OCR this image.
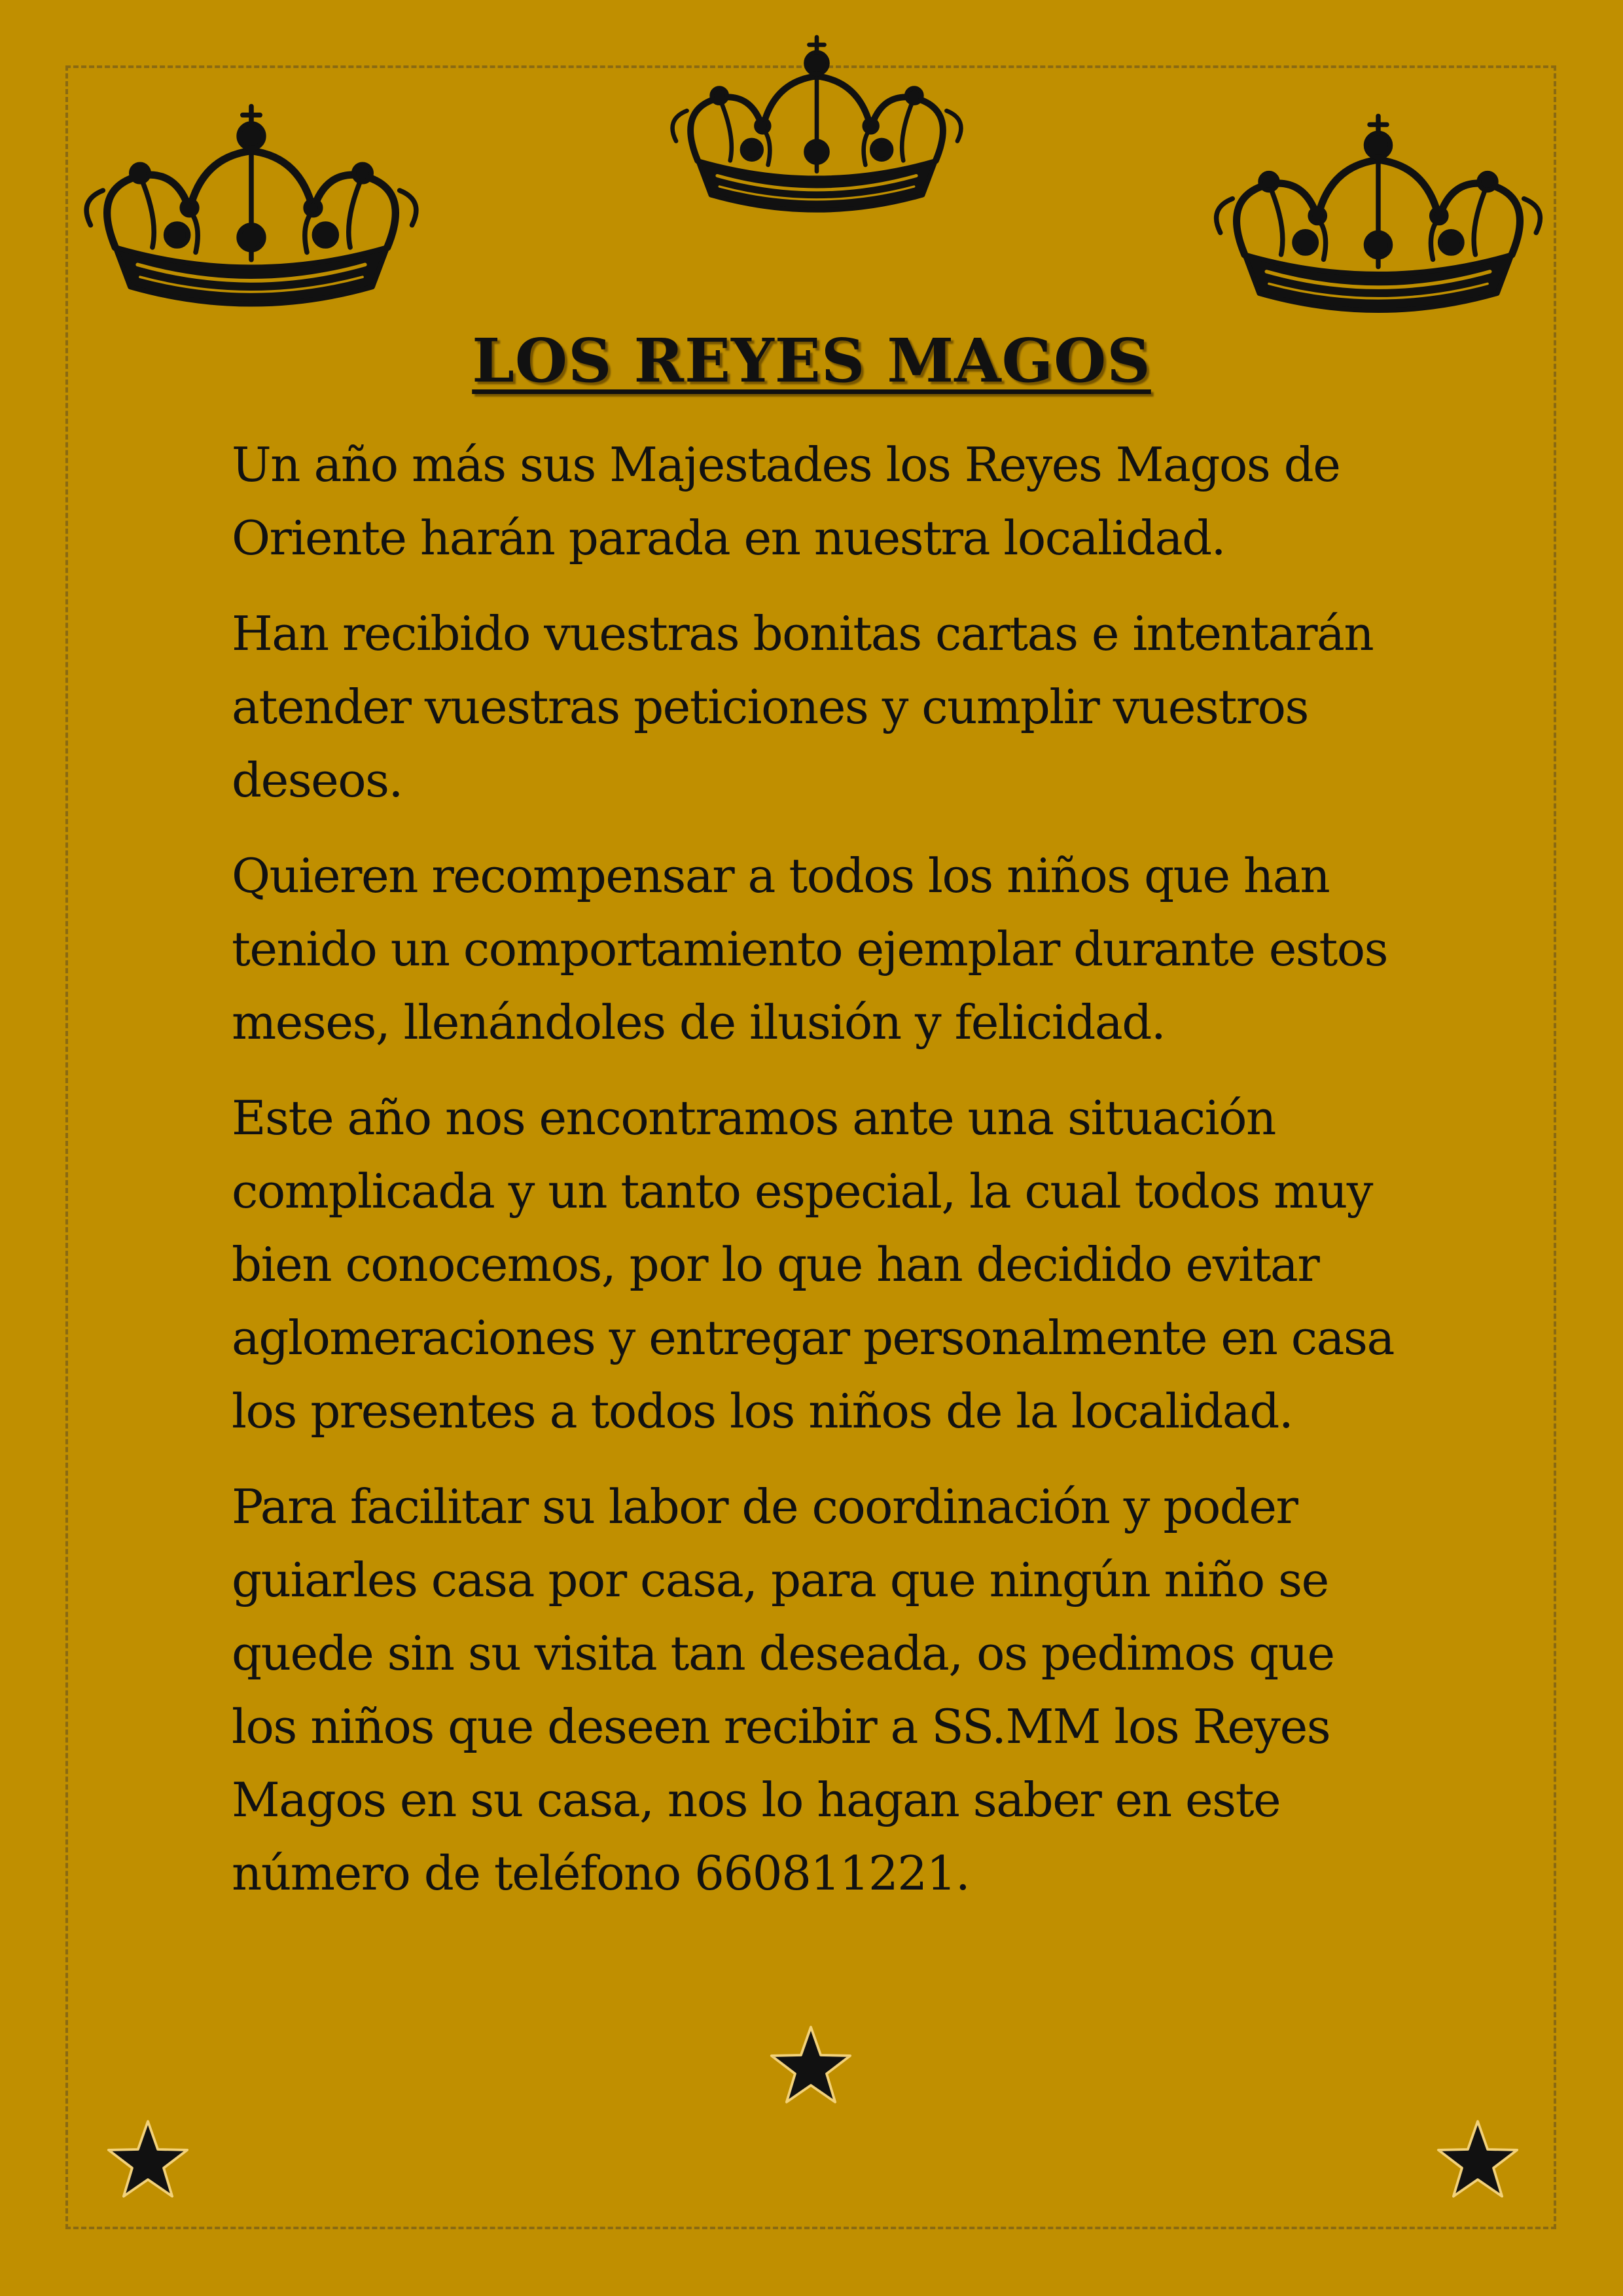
LOS REYES MAGOS

Un año más sus Majestades los Reyes Magos de Oriente harán parada en nuestra localidad.

Han recibido vuestras bonitas cartas e intentarán atender vuestras peticiones y cumplir vuestros deseos.

Quieren recompensar a todos los niños que han tenido un comportamiento ejemplar durante estos meses, llenándoles de ilusión y felicidad.

Este año nos encontramos ante una situación complicada y un tanto especial, la cual todos muy bien conocemos, por lo que han decidido evitar aglomeraciones y entregar personalmente en casa los presentes a todos los niños de la localidad.

Para facilitar su labor de coordinación y poder guiarles casa por casa, para que ningún niño se quede sin su visita tan deseada, os pedimos que los niños que deseen recibir a SS.MM los Reyes Magos en su casa, nos lo hagan saber en este número de teléfono 660811221.
